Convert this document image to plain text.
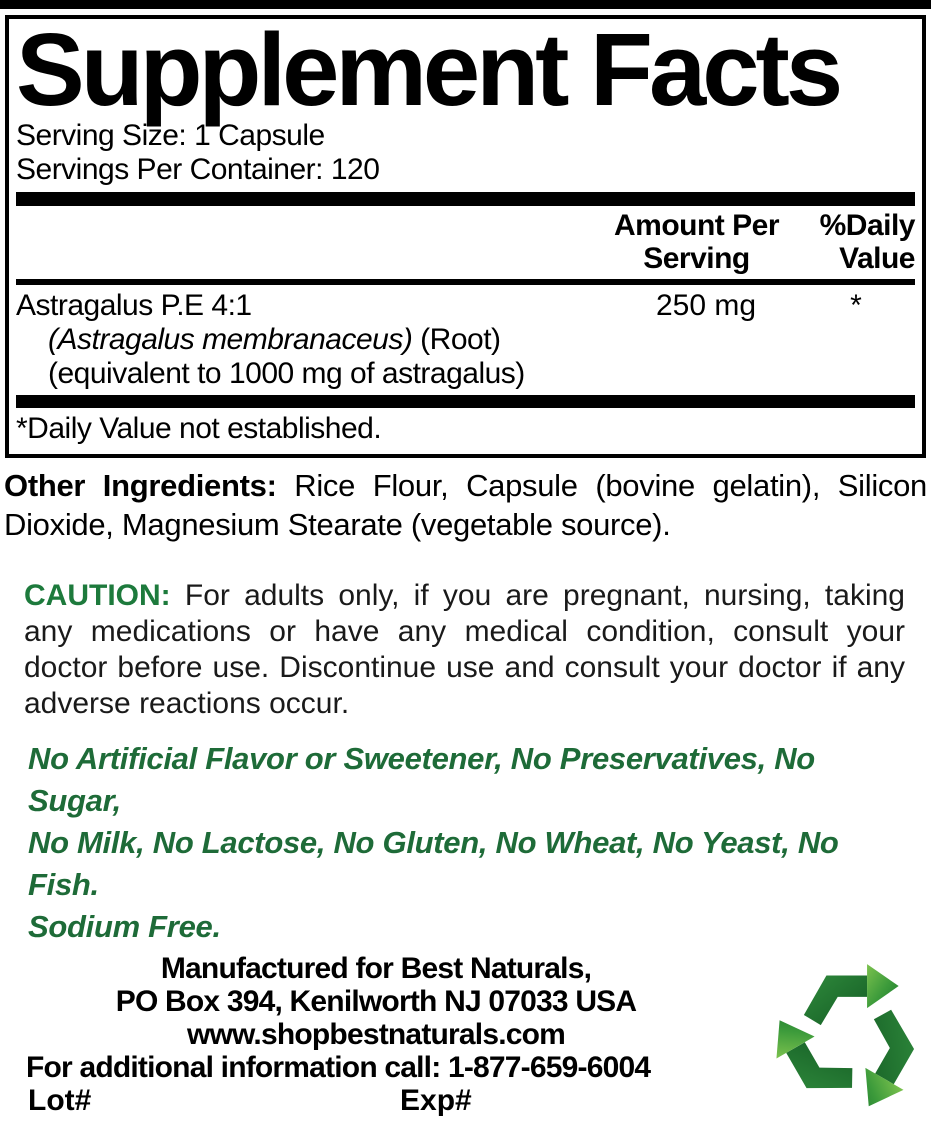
Supplement Facts
Serving Size: 1 Capsule
Servings Per Container: 120
Amount Per
Serving
%Daily
Value
Astragalus P.E 4:1	250 mg	*
(Astragalus membranaceus) (Root)
(equivalent to 1000 mg of astragalus)
*Daily Value not established.
Other Ingredients: Rice Flour, Capsule (bovine gelatin), Silicon Dioxide, Magnesium Stearate (vegetable source).
CAUTION: For adults only, if you are pregnant, nursing, taking any medications or have any medical condition, consult your doctor before use. Discontinue use and consult your doctor if any adverse reactions occur.
No Artificial Flavor or Sweetener, No Preservatives, No Sugar,
No Milk, No Lactose, No Gluten, No Wheat, No Yeast, No Fish.
Sodium Free.
Manufactured for Best Naturals,
PO Box 394, Kenilworth NJ 07033 USA
www.shopbestnaturals.com
For additional information call: 1-877-659-6004
Lot#	Exp#
